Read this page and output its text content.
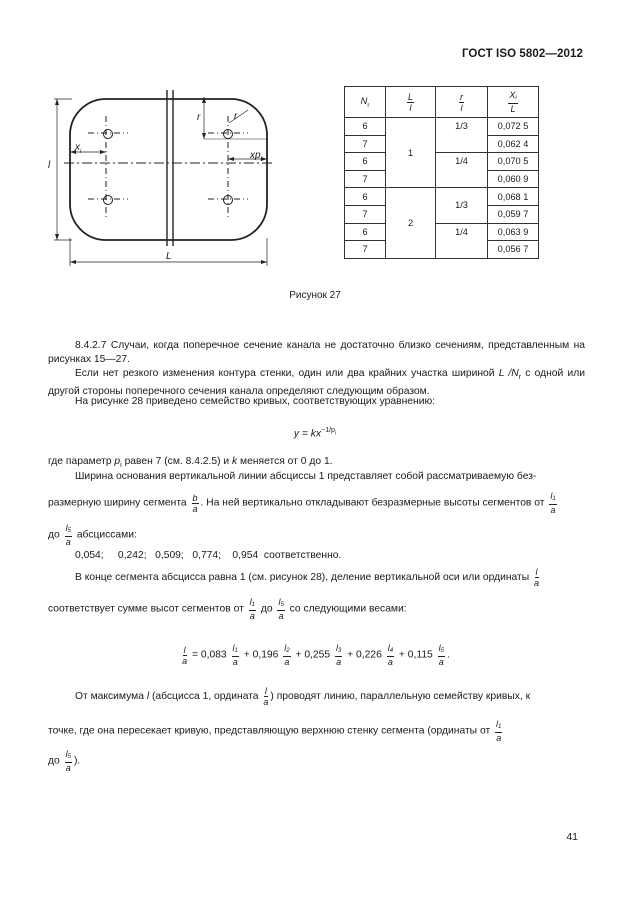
ГОСТ ISO 5802—2012
l
L
r	r
$x_i$	$xp_i$
$N_r$	$\frac{L}{l}$	$\frac{r}{l}$	$\frac{X_i}{L}$

6	1	1/3	0,072 5
7			0,062 4
6		1/4	0,070 5
7			0,060 9
6	2	1/3	0,068 1
7			0,059 7
6		1/4	0,063 9
7			0,056 7
Рисунок 27
8.4.2.7 Случаи, когда поперечное сечение канала не достаточно близко сечениям, представленным на рисунках 15—27.
Если нет резкого изменения контура стенки, один или два крайних участка шириной L $/N_r$ с одной или другой стороны поперечного сечения канала определяют следующим образом.
На рисунке 28 приведено семейство кривых, соответствующих уравнению:
$y = kx^{-1/p_i}$
где параметр $p_i$ равен 7 (см. 8.4.2.5) и k меняется от 0 до 1.
Ширина основания вертикальной линии абсциссы 1 представляет собой рассматриваемую без-
размерную ширину сегмента $\frac{b}{a}$ . На ней вертикально откладывают безразмерные высоты сегментов от $\frac{l_1}{a}$
до $\frac{l_5}{a}$ абсциссами:
0,054;     0,242;   0,509;   0,774;    0,954  соответственно.
В конце сегмента абсцисса равна 1 (см. рисунок 28), деление вертикальной оси или ординаты $\frac{l}{a}$
соответствует сумме высот сегментов от $\frac{l_1}{a}$ до $\frac{l_5}{a}$ со следующими весами:
$\frac{l}{a} = 0,083 \frac{l_1}{a} + 0,196 \frac{l_2}{a} + 0,255 \frac{l_3}{a} + 0,226 \frac{l_4}{a} + 0,115 \frac{l_5}{a}$ .
От максимума l (абсцисса 1, ордината $\frac{l}{a}$ ) проводят линию, параллельную семейству кривых, к
точке, где она пересекает кривую, представляющую верхнюю стенку сегмента (ординаты от $\frac{l_1}{a}$
до $\frac{l_5}{a}$ ).
41
